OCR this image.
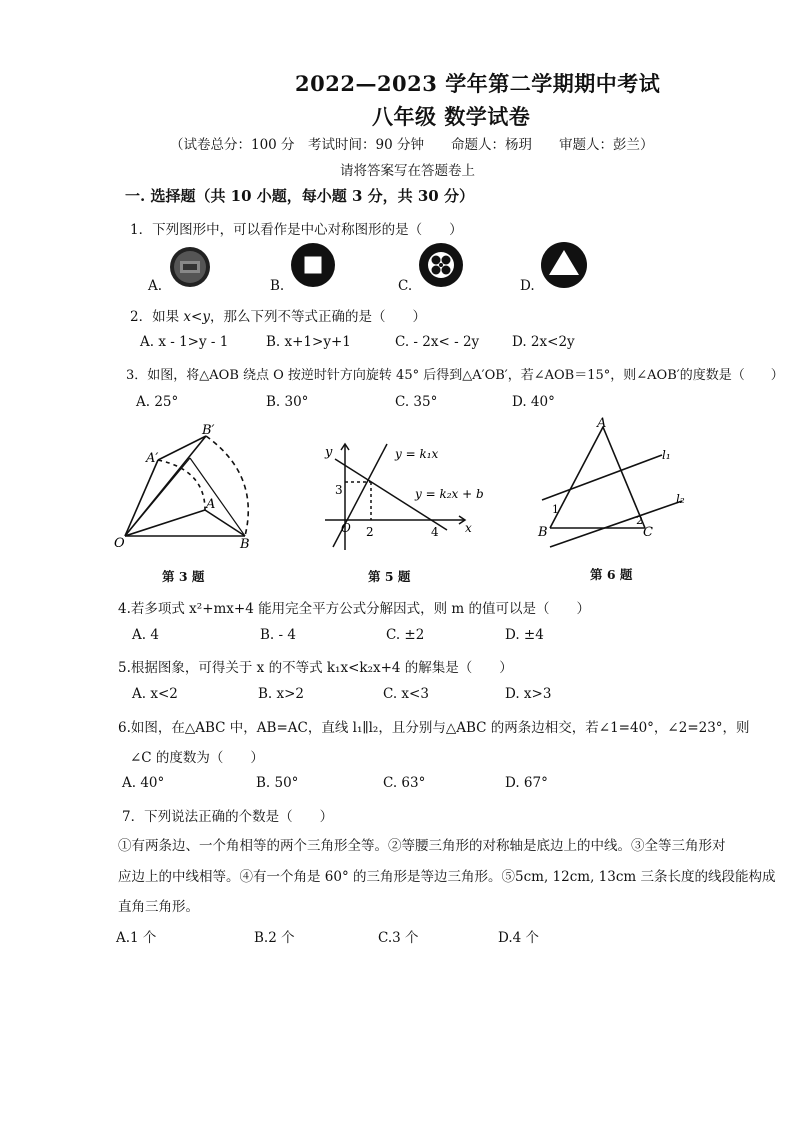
2022—2023 学年第二学期期中考试
八年级 数学试卷
（试卷总分：100 分　考试时间：90 分钟　　命题人：杨玥　　审题人：彭兰）
请将答案写在答题卷上
一. 选择题（共 10 小题，每小题 3 分，共 30 分）
1．下列图形中，可以看作是中心对称图形的是（　　）
A.	B.	C.	D.
2．如果 x<y，那么下列不等式正确的是（　　）
A. x - 1>y - 1	B. x+1>y+1	C. - 2x< - 2y D. 2x<2y
3．如图，将△AOB 绕点 O 按逆时针方向旋转 45° 后得到△A′OB′，若∠AOB＝15°，则∠AOB′的度数是（　　）
A. 25°	B. 30°	C. 35°	D. 40°
B′
A′
A
O	B
第 3 题
y	y = k₁x
y = k₂x + b
3
O 2	4 x
第 5 题
A
l₁
l₂
1
2
B	C
第 6 题
4.若多项式 x²+mx+4 能用完全平方公式分解因式，则 m 的值可以是（　　）
A. 4	B. - 4	C. ±2	D. ±4
5.根据图象，可得关于 x 的不等式 k₁x<k₂x+4 的解集是（　　）
A. x<2	B. x>2	C. x<3	D. x>3
6.如图，在△ABC 中，AB=AC，直线 l₁∥l₂，且分别与△ABC 的两条边相交，若∠1=40°，∠2=23°，则
∠C 的度数为（　　）
A. 40°	B. 50°	C. 63°	D. 67°
7．下列说法正确的个数是（　　）
①有两条边、一个角相等的两个三角形全等。②等腰三角形的对称轴是底边上的中线。③全等三角形对
应边上的中线相等。④有一个角是 60° 的三角形是等边三角形。⑤5cm, 12cm, 13cm 三条长度的线段能构成
直角三角形。
A.1 个	B.2 个	C.3 个	D.4 个
